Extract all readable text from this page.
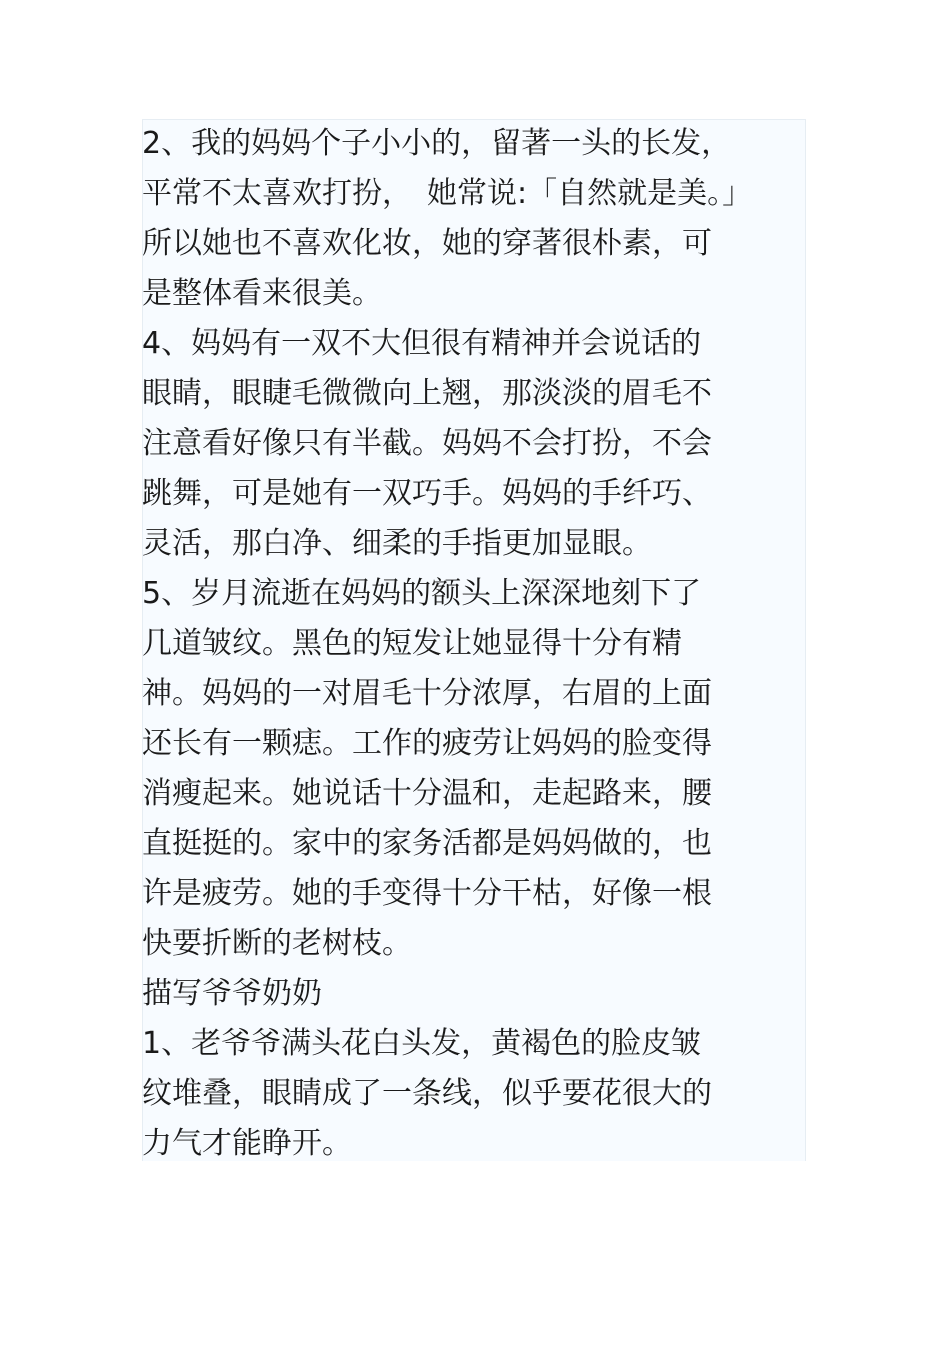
2、我的妈妈个子小小的，留著一头的长发，
平常不太喜欢打扮，　她常说:「自然就是美。」
所以她也不喜欢化妆，她的穿著很朴素，可
是整体看来很美。
4、妈妈有一双不大但很有精神并会说话的
眼睛，眼睫毛微微向上翘，那淡淡的眉毛不
注意看好像只有半截。妈妈不会打扮，不会
跳舞，可是她有一双巧手。妈妈的手纤巧、
灵活，那白净、细柔的手指更加显眼。
5、岁月流逝在妈妈的额头上深深地刻下了
几道皱纹。黑色的短发让她显得十分有精
神。妈妈的一对眉毛十分浓厚，右眉的上面
还长有一颗痣。工作的疲劳让妈妈的脸变得
消瘦起来。她说话十分温和，走起路来，腰
直挺挺的。家中的家务活都是妈妈做的，也
许是疲劳。她的手变得十分干枯，好像一根
快要折断的老树枝。
描写爷爷奶奶
1、老爷爷满头花白头发，黄褐色的脸皮皱
纹堆叠，眼睛成了一条线，似乎要花很大的
力气才能睁开。
